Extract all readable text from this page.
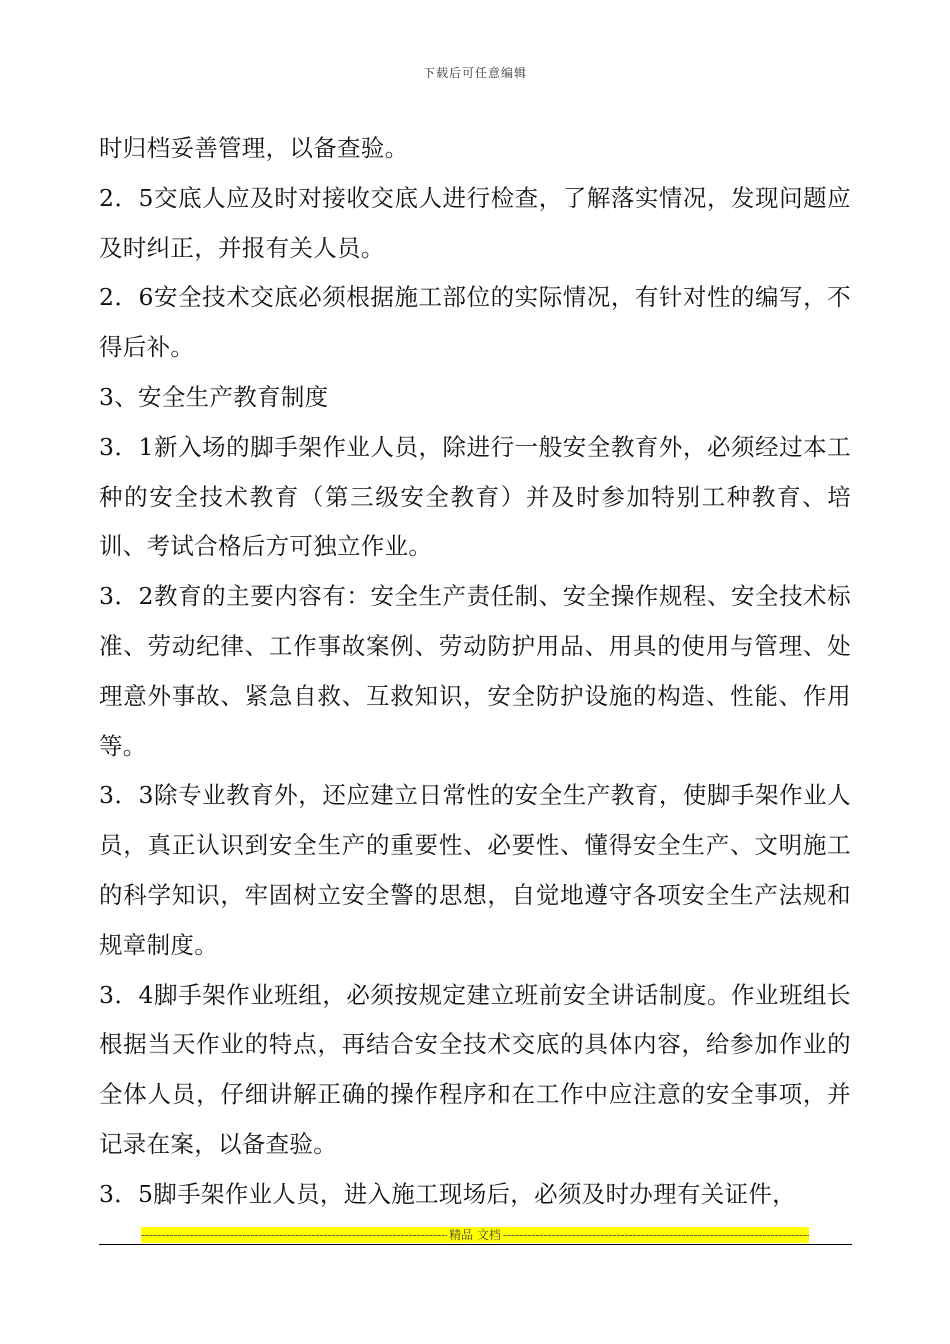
下载后可任意编辑

时归档妥善管理，以备查验。

2．5交底人应及时对接收交底人进行检查，了解落实情况，发现问题应及时纠正，并报有关人员。

2．6安全技术交底必须根据施工部位的实际情况，有针对性的编写，不得后补。

3、安全生产教育制度

3．1新入场的脚手架作业人员，除进行一般安全教育外，必须经过本工种的安全技术教育（第三级安全教育）并及时参加特别工种教育、培训、考试合格后方可独立作业。

3．2教育的主要内容有：安全生产责任制、安全操作规程、安全技术标准、劳动纪律、工作事故案例、劳动防护用品、用具的使用与管理、处理意外事故、紧急自救、互救知识，安全防护设施的构造、性能、作用等。

3．3除专业教育外，还应建立日常性的安全生产教育，使脚手架作业人员，真正认识到安全生产的重要性、必要性、懂得安全生产、文明施工的科学知识，牢固树立安全警的思想，自觉地遵守各项安全生产法规和规章制度。

3．4脚手架作业班组，必须按规定建立班前安全讲话制度。作业班组长根据当天作业的特点，再结合安全技术交底的具体内容，给参加作业的全体人员，仔细讲解正确的操作程序和在工作中应注意的安全事项，并记录在案，以备查验。

3．5脚手架作业人员，进入施工现场后，必须及时办理有关证件，

-----
精品 文档
-----
